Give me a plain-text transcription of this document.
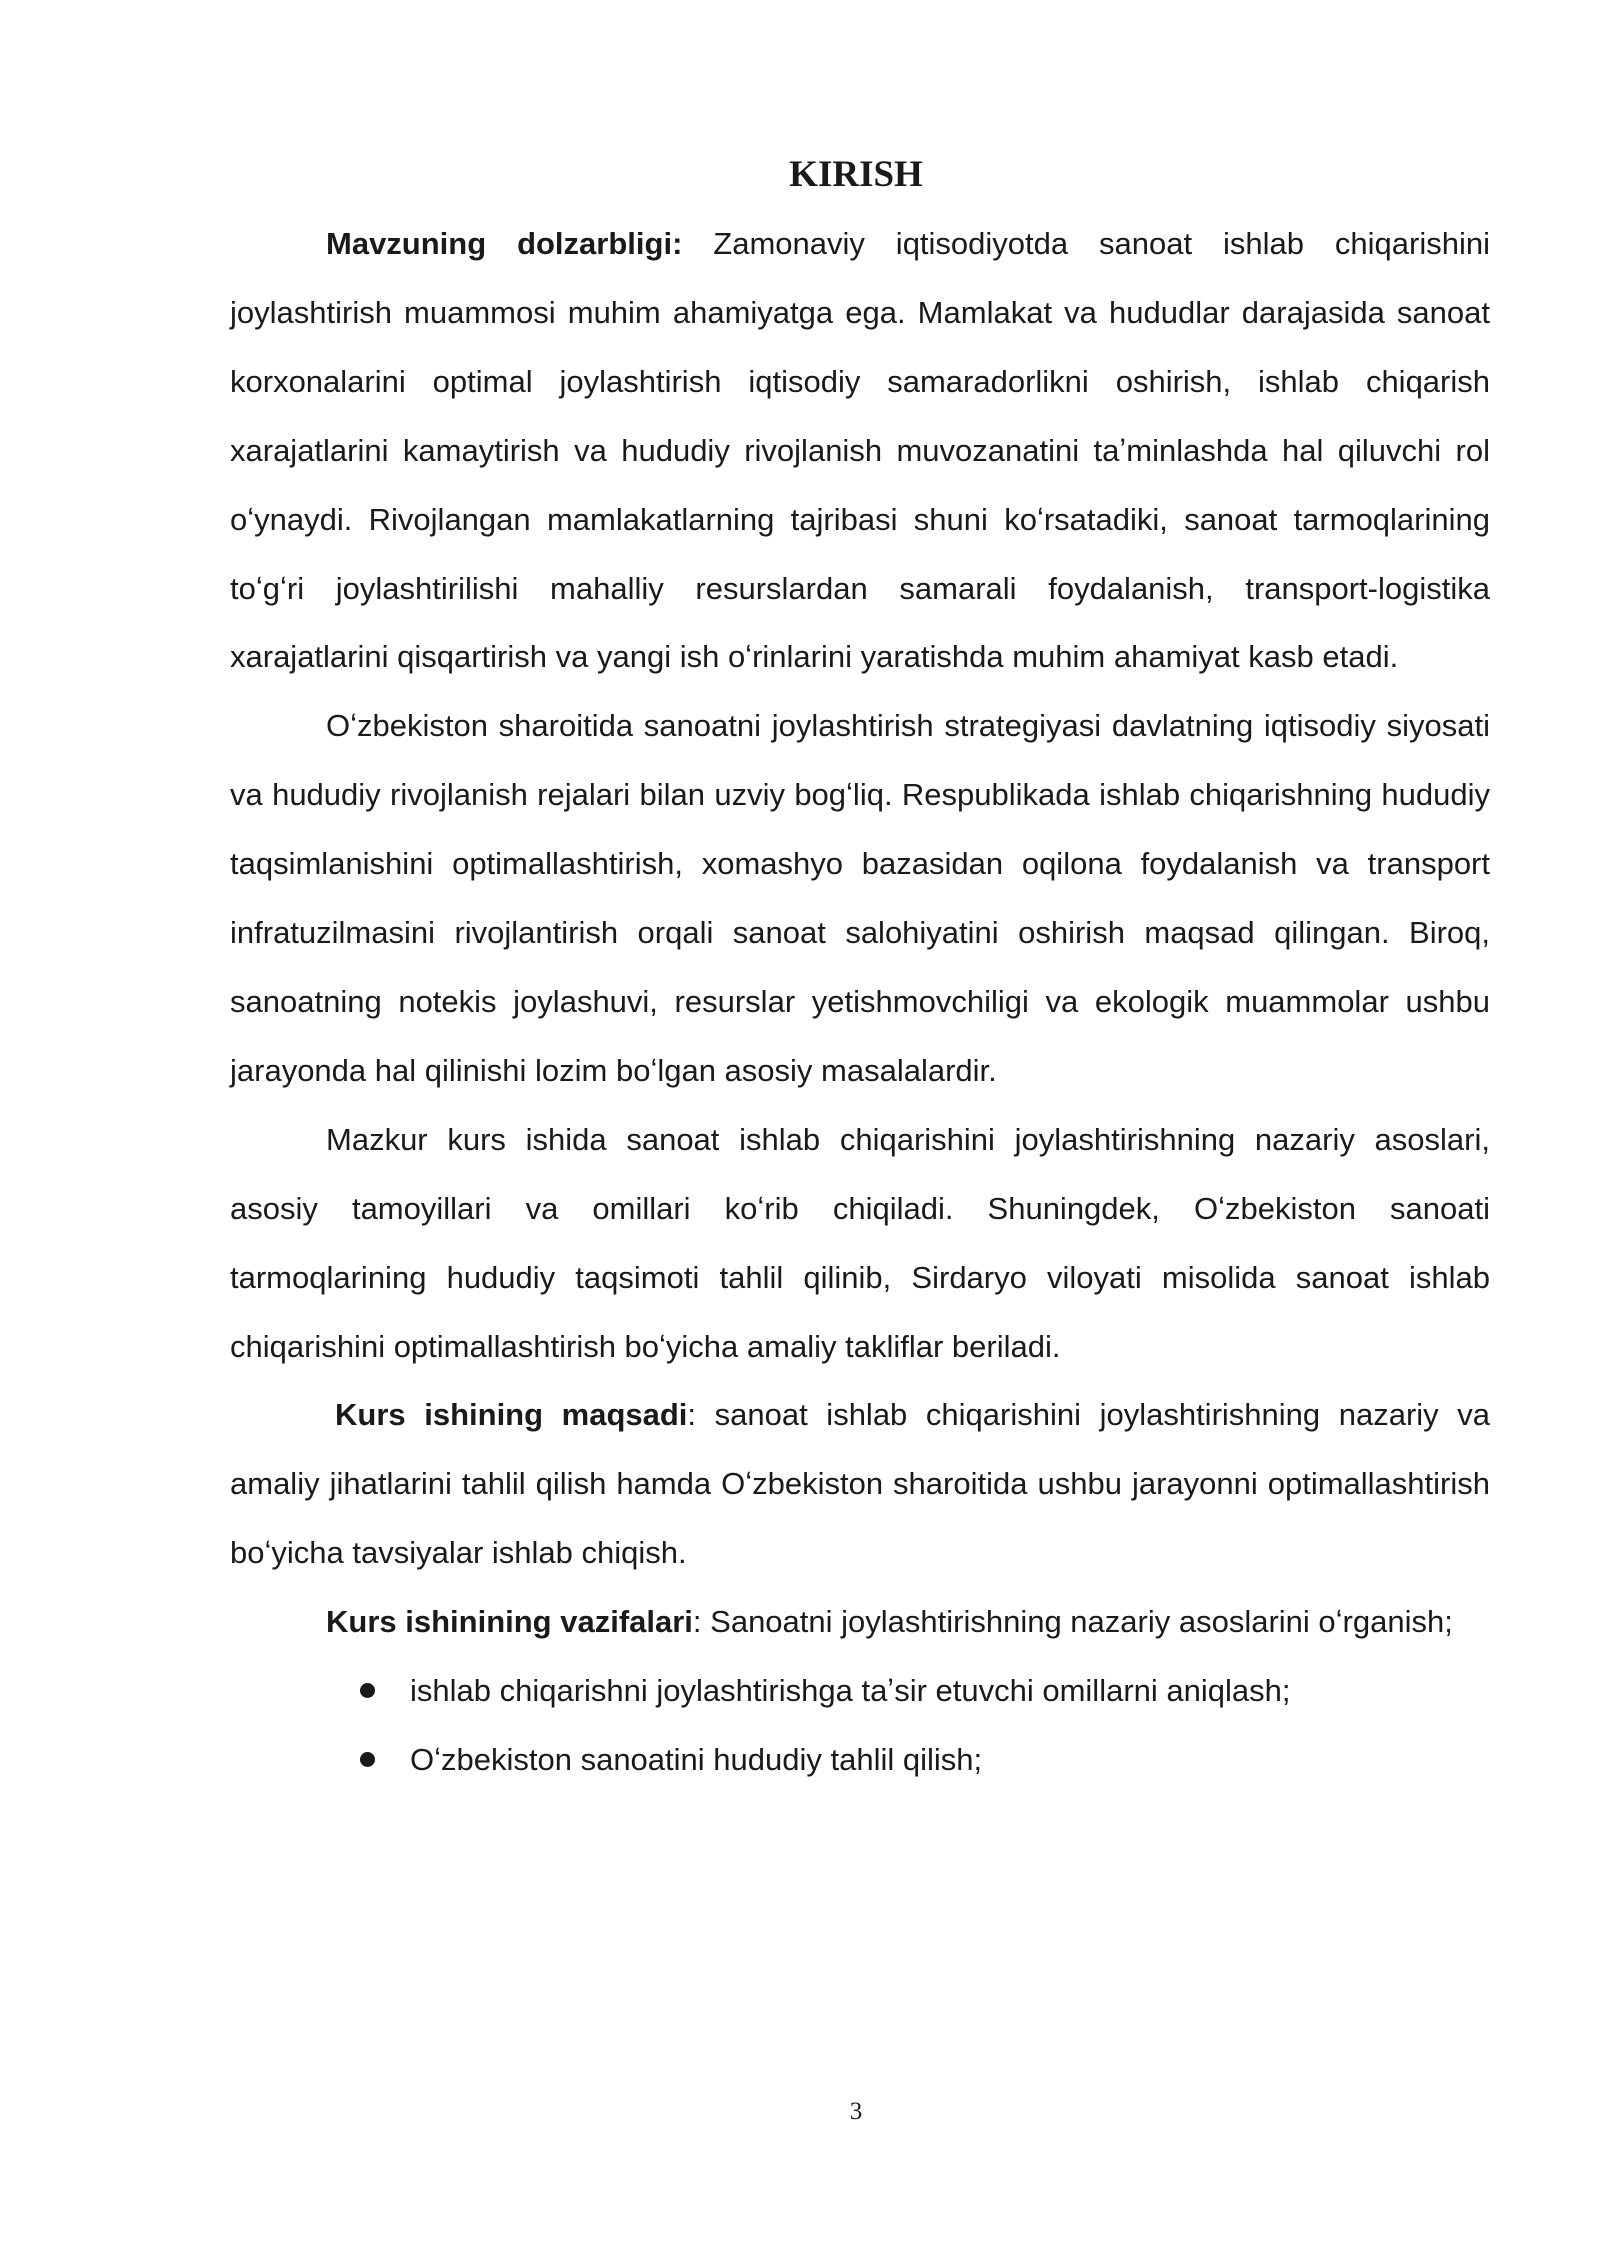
KIRISH

Mavzuning dolzarbligi: Zamonaviy iqtisodiyotda sanoat ishlab chiqarishini joylashtirish muammosi muhim ahamiyatga ega. Mamlakat va hududlar darajasida sanoat korxonalarini optimal joylashtirish iqtisodiy samaradorlikni oshirish, ishlab chiqarish xarajatlarini kamaytirish va hududiy rivojlanish muvozanatini taʼminlashda hal qiluvchi rol oʻynaydi. Rivojlangan mamlakatlarning tajribasi shuni koʻrsatadiki, sanoat tarmoqlarining toʻgʻri joylashtirilishi mahalliy resurslardan samarali foydalanish, transport-logistika xarajatlarini qisqartirish va yangi ish oʻrinlarini yaratishda muhim ahamiyat kasb etadi.

Oʻzbekiston sharoitida sanoatni joylashtirish strategiyasi davlatning iqtisodiy siyosati va hududiy rivojlanish rejalari bilan uzviy bogʻliq. Respublikada ishlab chiqarishning hududiy taqsimlanishini optimallashtirish, xomashyo bazasidan oqilona foydalanish va transport infratuzilmasini rivojlantirish orqali sanoat salohiyatini oshirish maqsad qilingan. Biroq, sanoatning notekis joylashuvi, resurslar yetishmovchiligi va ekologik muammolar ushbu jarayonda hal qilinishi lozim boʻlgan asosiy masalalardir.

Mazkur kurs ishida sanoat ishlab chiqarishini joylashtirishning nazariy asoslari, asosiy tamoyillari va omillari koʻrib chiqiladi. Shuningdek, Oʻzbekiston sanoati tarmoqlarining hududiy taqsimoti tahlil qilinib, Sirdaryo viloyati misolida sanoat ishlab chiqarishini optimallashtirish boʻyicha amaliy takliflar beriladi.

Kurs ishining maqsadi: sanoat ishlab chiqarishini joylashtirishning nazariy va amaliy jihatlarini tahlil qilish hamda Oʻzbekiston sharoitida ushbu jarayonni optimallashtirish boʻyicha tavsiyalar ishlab chiqish.

Kurs ishinining vazifalari: Sanoatni joylashtirishning nazariy asoslarini oʻrganish;

ishlab chiqarishni joylashtirishga taʼsir etuvchi omillarni aniqlash;
Oʻzbekiston sanoatini hududiy tahlil qilish;
3
